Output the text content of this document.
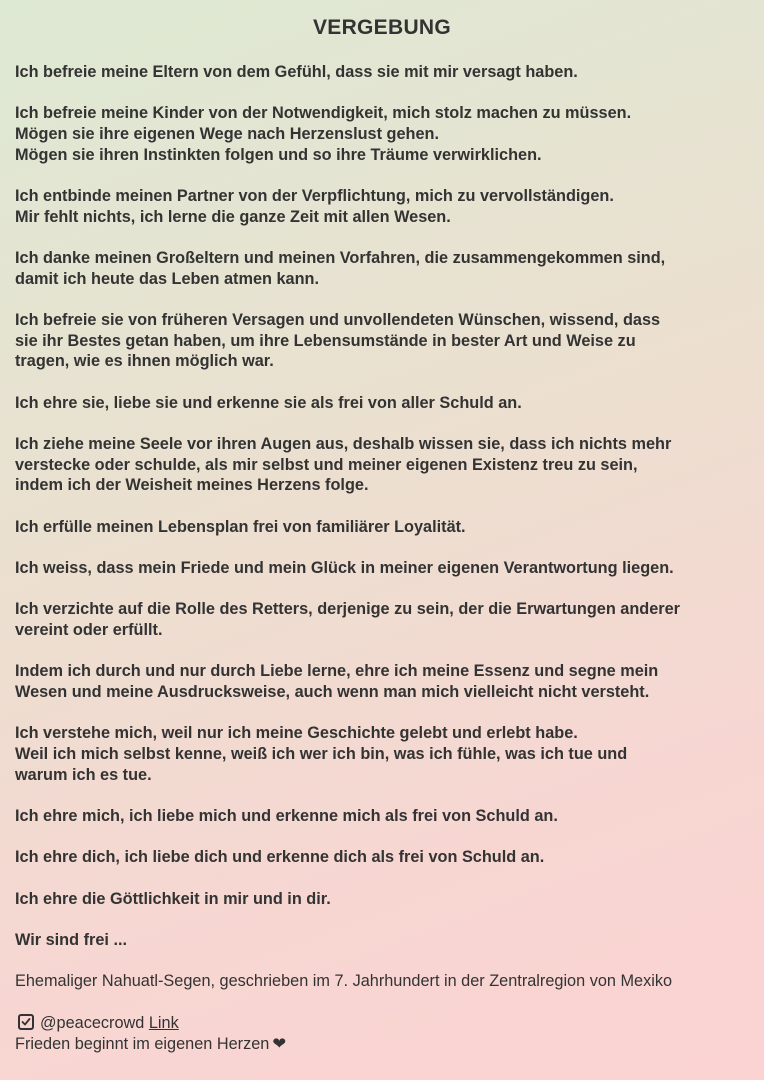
VERGEBUNG
Ich befreie meine Eltern von dem Gefühl, dass sie mit mir versagt haben.
Ich befreie meine Kinder von der Notwendigkeit, mich stolz machen zu müssen.
Mögen sie ihre eigenen Wege nach Herzenslust gehen.
Mögen sie ihren Instinkten folgen und so ihre Träume verwirklichen.
Ich entbinde meinen Partner von der Verpflichtung, mich zu vervollständigen.
Mir fehlt nichts, ich lerne die ganze Zeit mit allen Wesen.
Ich danke meinen Großeltern und meinen Vorfahren, die zusammengekommen sind,
damit ich heute das Leben atmen kann.
Ich befreie sie von früheren Versagen und unvollendeten Wünschen, wissend, dass
sie ihr Bestes getan haben, um ihre Lebensumstände in bester Art und Weise zu
tragen, wie es ihnen möglich war.
Ich ehre sie, liebe sie und erkenne sie als frei von aller Schuld an.
Ich ziehe meine Seele vor ihren Augen aus, deshalb wissen sie, dass ich nichts mehr
verstecke oder schulde, als mir selbst und meiner eigenen Existenz treu zu sein,
indem ich der Weisheit meines Herzens folge.
Ich erfülle meinen Lebensplan frei von familiärer Loyalität.
Ich weiss, dass mein Friede und mein Glück in meiner eigenen Verantwortung liegen.
Ich verzichte auf die Rolle des Retters, derjenige zu sein, der die Erwartungen anderer
vereint oder erfüllt.
Indem ich durch und nur durch Liebe lerne, ehre ich meine Essenz und segne mein
Wesen und meine Ausdrucksweise, auch wenn man mich vielleicht nicht versteht.
Ich verstehe mich, weil nur ich meine Geschichte gelebt und erlebt habe.
Weil ich mich selbst kenne, weiß ich wer ich bin, was ich fühle, was ich tue und
warum ich es tue.
Ich ehre mich, ich liebe mich und erkenne mich als frei von Schuld an.
Ich ehre dich, ich liebe dich und erkenne dich als frei von Schuld an.
Ich ehre die Göttlichkeit in mir und in dir.
Wir sind frei ...
Ehemaliger Nahuatl-Segen, geschrieben im 7. Jahrhundert in der Zentralregion von Mexiko
@peacecrowd Link
Frieden beginnt im eigenen Herzen ❤
